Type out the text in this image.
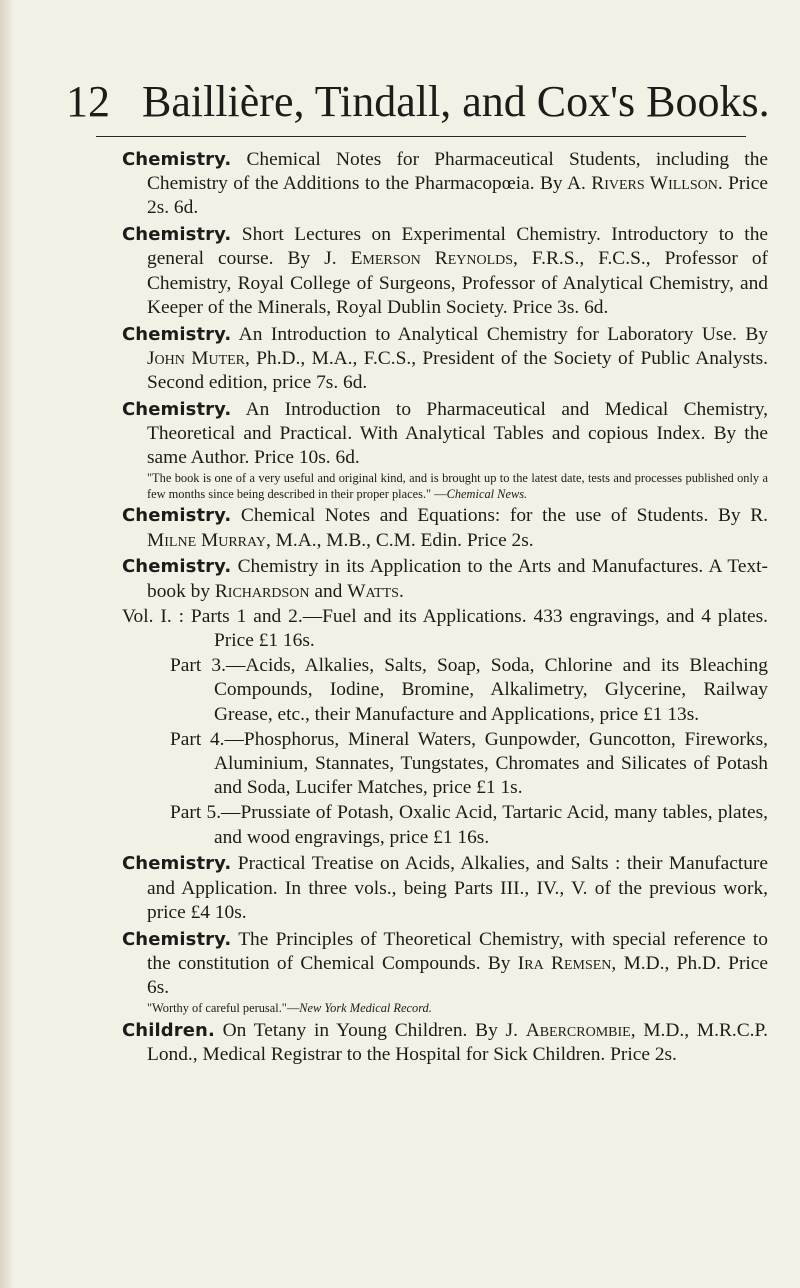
12 Baillière, Tindall, and Cox's Books.

Chemistry. Chemical Notes for Pharmaceutical Students, including the Chemistry of the Additions to the Pharmacopœia. By A. Rivers Willson. Price 2s. 6d.

Chemistry. Short Lectures on Experimental Chemistry. Introductory to the general course. By J. Emerson Reynolds, F.R.S., F.C.S., Professor of Chemistry, Royal College of Surgeons, Professor of Analytical Chemistry, and Keeper of the Minerals, Royal Dublin Society. Price 3s. 6d.

Chemistry. An Introduction to Analytical Chemistry for Laboratory Use. By John Muter, Ph.D., M.A., F.C.S., President of the Society of Public Analysts. Second edition, price 7s. 6d.

Chemistry. An Introduction to Pharmaceutical and Medical Chemistry, Theoretical and Practical. With Analytical Tables and copious Index. By the same Author. Price 10s. 6d.
"The book is one of a very useful and original kind, and is brought up to the latest date, tests and processes published only a few months since being described in their proper places." —Chemical News.

Chemistry. Chemical Notes and Equations: for the use of Students. By R. Milne Murray, M.A., M.B., C.M. Edin. Price 2s.

Chemistry. Chemistry in its Application to the Arts and Manufactures. A Text-book by Richardson and Watts.

Vol. I. : Parts 1 and 2.—Fuel and its Applications. 433 engravings, and 4 plates. Price £1 16s.

Part 3.—Acids, Alkalies, Salts, Soap, Soda, Chlorine and its Bleaching Compounds, Iodine, Bromine, Alkalimetry, Glycerine, Railway Grease, etc., their Manufacture and Applications, price £1 13s.

Part 4.—Phosphorus, Mineral Waters, Gunpowder, Guncotton, Fireworks, Aluminium, Stannates, Tungstates, Chromates and Silicates of Potash and Soda, Lucifer Matches, price £1 1s.

Part 5.—Prussiate of Potash, Oxalic Acid, Tartaric Acid, many tables, plates, and wood engravings, price £1 16s.

Chemistry. Practical Treatise on Acids, Alkalies, and Salts : their Manufacture and Application. In three vols., being Parts III., IV., V. of the previous work, price £4 10s.

Chemistry. The Principles of Theoretical Chemistry, with special reference to the constitution of Chemical Compounds. By Ira Remsen, M.D., Ph.D. Price 6s.
"Worthy of careful perusal."—New York Medical Record.

Children. On Tetany in Young Children. By J. Abercrombie, M.D., M.R.C.P. Lond., Medical Registrar to the Hospital for Sick Children. Price 2s.
